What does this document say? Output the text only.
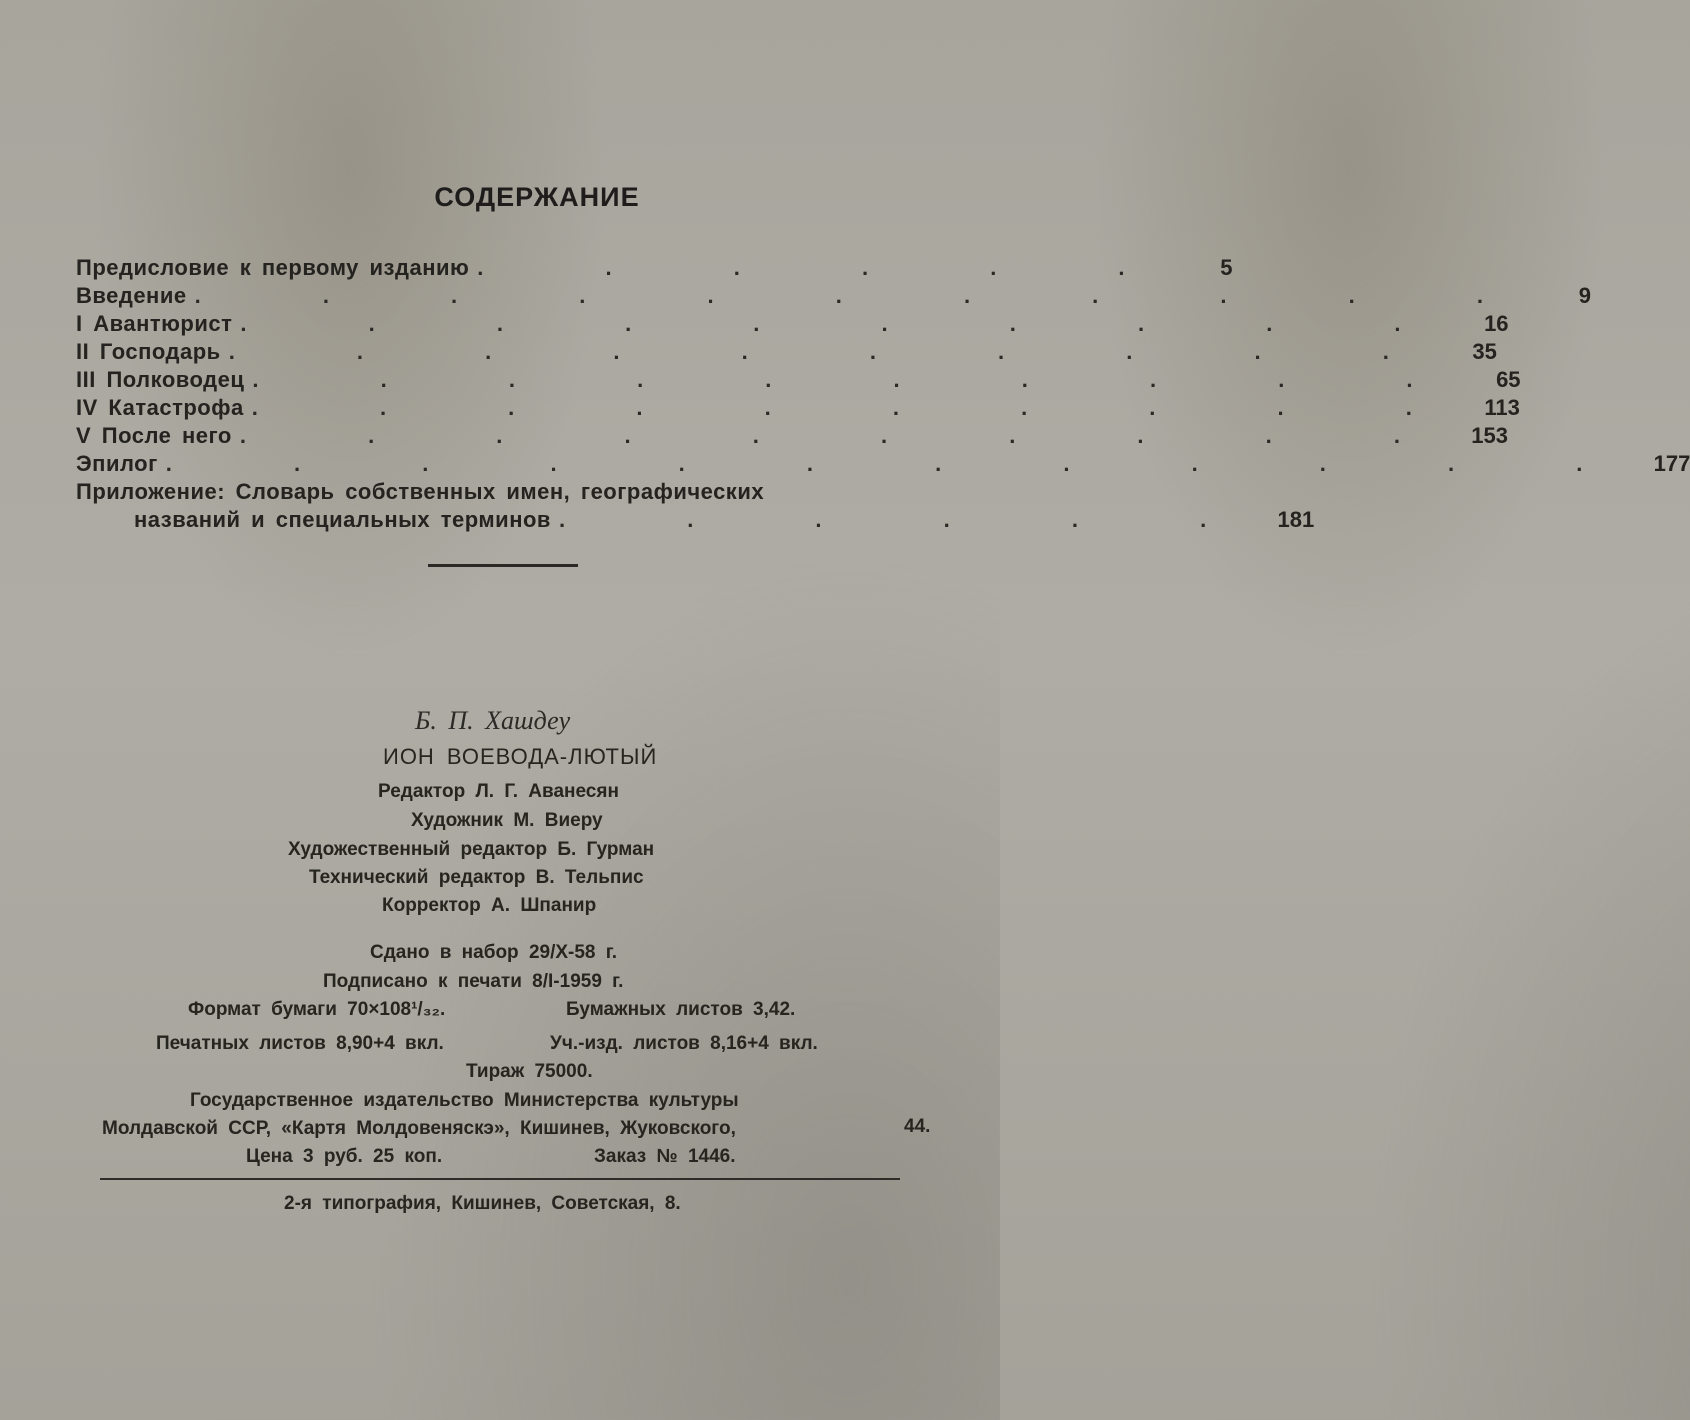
СОДЕРЖАНИЕ
Предисловие к первому изданию . . . . . .	5
Введение . . . . . . . . . . .	9
I Авантюрист . . . . . . . . . .	16
II Господарь . . . . . . . . . .	35
III Полководец . . . . . . . . . .	65
IV Катастрофа . . . . . . . . . . 113
V После него . . . . . . . . . . 153
Эпилог . . . . . . . . . . . . 177
Приложение: Словарь собственных имен, географических
названий и специальных терминов . . . . . . 181
Б. П. Хашдеу
ИОН ВОЕВОДА-ЛЮТЫЙ
Редактор Л. Г. Аванесян
Художник М. Виеру
Художественный редактор Б. Гурман
Технический редактор В. Тельпис
Корректор А. Шпанир
Сдано в набор 29/X-58 г.
Подписано к печати 8/I-1959 г.
Формат бумаги 70×108¹/₃₂.	Бумажных листов 3,42.
Печатных листов 8,90+4 вкл.	Уч.-изд. листов 8,16+4 вкл.
Тираж 75000.
Государственное издательство Министерства культуры
Молдавской ССР, «Картя Молдовеняскэ», Кишинев, Жуковского,	44.
Цена 3 руб. 25 коп.	Заказ № 1446.
2-я типография, Кишинев, Советская, 8.
